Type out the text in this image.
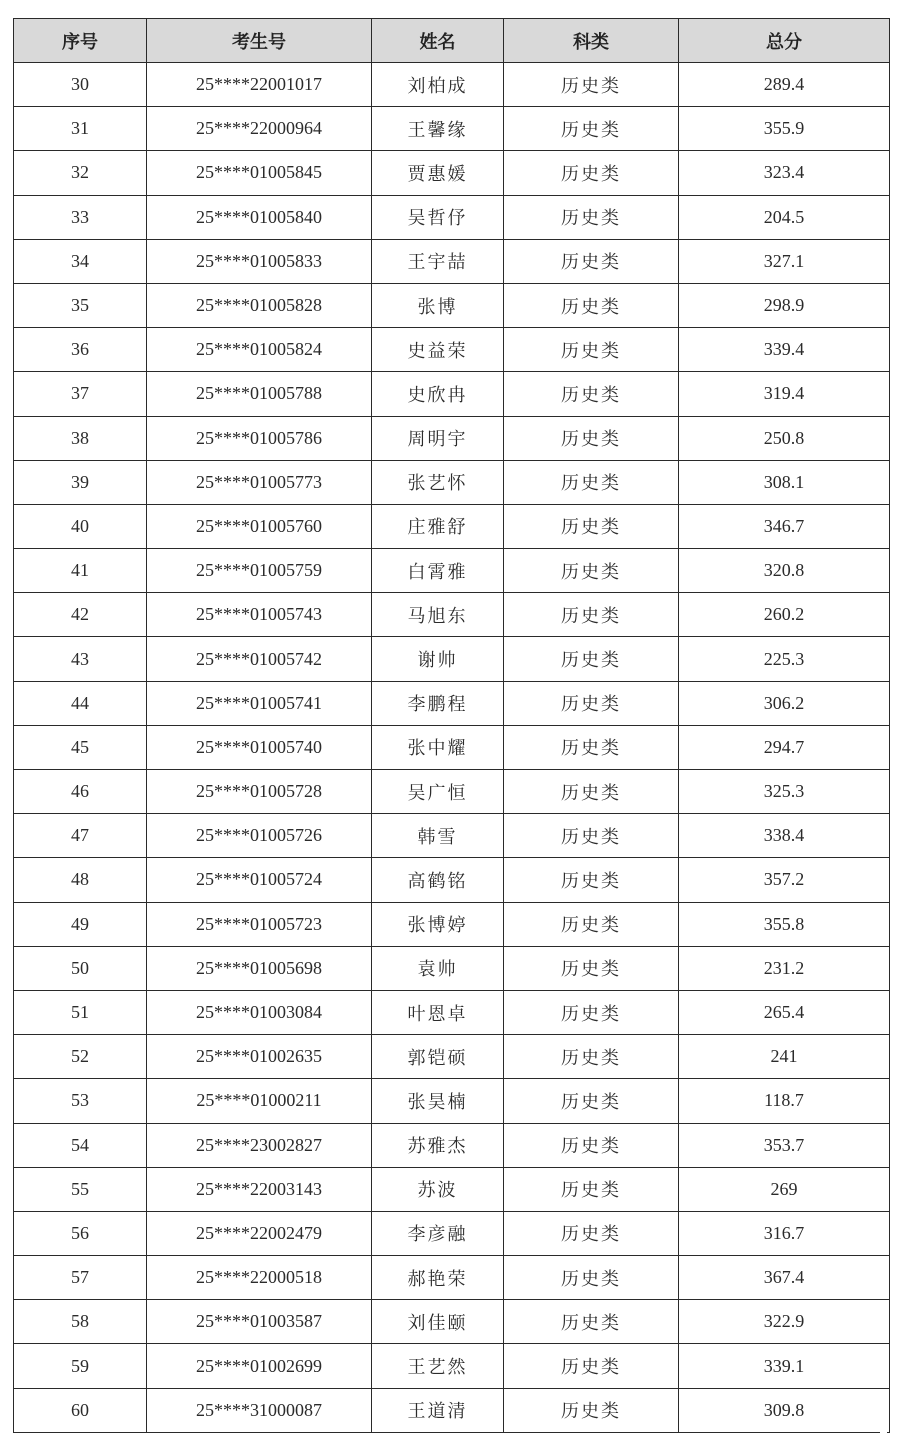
序号	考生号	姓名	科类	总分
30	25****22001017	刘柏成	历史类	289.4
31	25****22000964	王馨缘	历史类	355.9
32	25****01005845	贾惠媛	历史类	323.4
33	25****01005840	吴哲伃	历史类	204.5
34	25****01005833	王宇喆	历史类	327.1
35	25****01005828	张博	历史类	298.9
36	25****01005824	史益荣	历史类	339.4
37	25****01005788	史欣冉	历史类	319.4
38	25****01005786	周明宇	历史类	250.8
39	25****01005773	张艺怀	历史类	308.1
40	25****01005760	庄雅舒	历史类	346.7
41	25****01005759	白霄雅	历史类	320.8
42	25****01005743	马旭东	历史类	260.2
43	25****01005742	谢帅	历史类	225.3
44	25****01005741	李鹏程	历史类	306.2
45	25****01005740	张中耀	历史类	294.7
46	25****01005728	吴广恒	历史类	325.3
47	25****01005726	韩雪	历史类	338.4
48	25****01005724	高鹤铭	历史类	357.2
49	25****01005723	张博婷	历史类	355.8
50	25****01005698	袁帅	历史类	231.2
51	25****01003084	叶恩卓	历史类	265.4
52	25****01002635	郭铠硕	历史类	241
53	25****01000211	张昊楠	历史类	118.7
54	25****23002827	苏雅杰	历史类	353.7
55	25****22003143	苏波	历史类	269
56	25****22002479	李彦融	历史类	316.7
57	25****22000518	郝艳荣	历史类	367.4
58	25****01003587	刘佳颐	历史类	322.9
59	25****01002699	王艺然	历史类	339.1
60	25****31000087	王道清	历史类	309.8
